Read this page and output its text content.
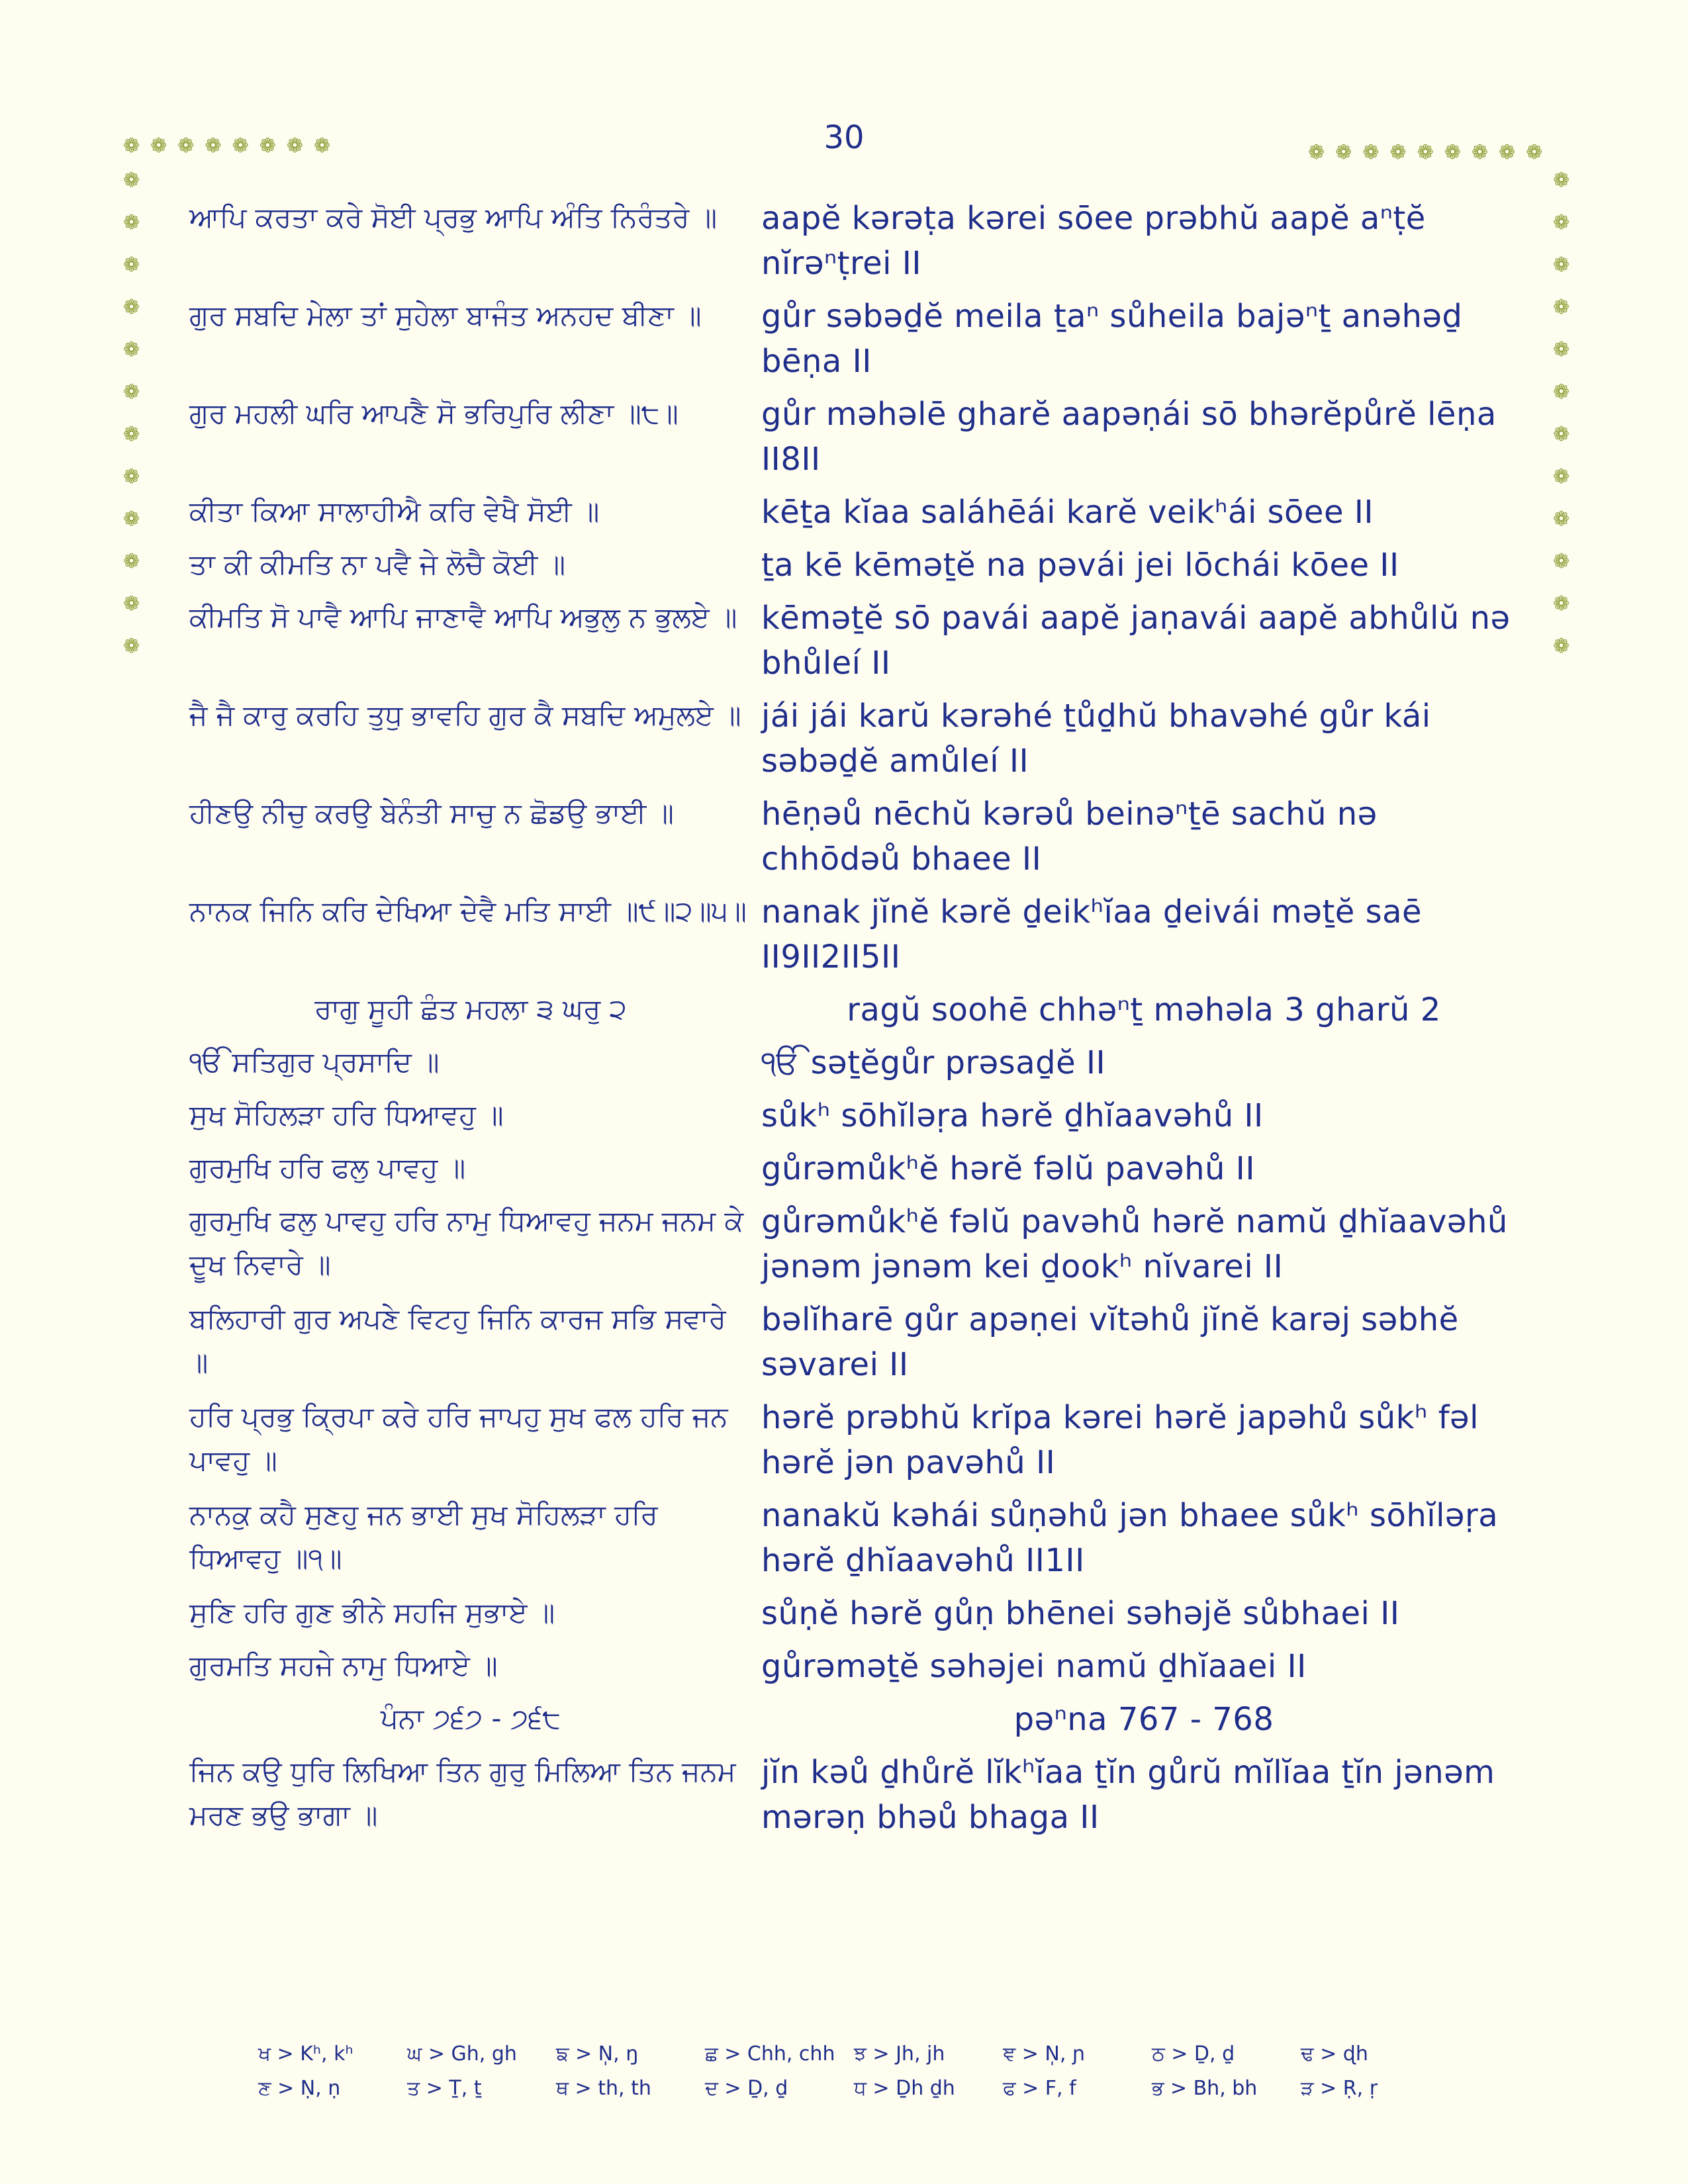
30
❁ ❁ ❁ ❁ ❁ ❁ ❁ ❁	❁ ❁ ❁ ❁ ❁ ❁ ❁ ❁ ❁
❁
❁
❁
❁
❁
❁
❁
❁
❁
❁
❁
❁
❁
❁
❁
❁
❁
❁
❁
❁
❁
❁
❁
❁
ਆਪਿ ਕਰਤਾ ਕਰੇ ਸੋਈ ਪ੍ਰਭੁ ਆਪਿ ਅੰਤਿ ਨਿਰੰਤਰੇ ॥	aapĕ kərəṭa kərei sōee prəbhŭ aapĕ aⁿṭĕ nĭrəⁿṭrei II
ਗੁਰ ਸਬਦਿ ਮੇਲਾ ਤਾਂ ਸੁਹੇਲਾ ਬਾਜੰਤ ਅਨਹਦ ਬੀਣਾ ॥	gůr səbəḏĕ meila ṯaⁿ sůheila bajəⁿṯ anəhəḏ bēṇa II
ਗੁਰ ਮਹਲੀ ਘਰਿ ਆਪਣੈ ਸੋ ਭਰਿਪੁਰਿ ਲੀਣਾ ॥੮॥	gůr məhəlē gharĕ aapəṇái sō bhərĕpůrĕ lēṇa II8II
ਕੀਤਾ ਕਿਆ ਸਾਲਾਹੀਐ ਕਰਿ ਵੇਖੈ ਸੋਈ ॥	kēṯa kĭaa saláhēái karĕ veikʰái sōee II
ਤਾ ਕੀ ਕੀਮਤਿ ਨਾ ਪਵੈ ਜੇ ਲੋਚੈ ਕੋਈ ॥	ṯa kē kēməṯĕ na pəvái jei lōchái kōee II
ਕੀਮਤਿ ਸੋ ਪਾਵੈ ਆਪਿ ਜਾਣਾਵੈ ਆਪਿ ਅਭੁਲੁ ਨ ਭੁਲਏ ॥ kēməṯĕ sō pavái aapĕ jaṇavái aapĕ abhůlŭ nə bhůleí II
ਜੈ ਜੈ ਕਾਰੁ ਕਰਹਿ ਤੁਧੁ ਭਾਵਹਿ ਗੁਰ ਕੈ ਸਬਦਿ ਅਮੁਲਏ ॥ jái jái karŭ kərəhé ṯůḏhŭ bhavəhé gůr kái səbəḏĕ amůleí II
ਹੀਣਉ ਨੀਚੁ ਕਰਉ ਬੇਨੰਤੀ ਸਾਚੁ ਨ ਛੋਡਉ ਭਾਈ ॥	hēṇəů nēchŭ kərəů beinəⁿṯē sachŭ nə chhōdəů bhaee II
ਨਾਨਕ ਜਿਨਿ ਕਰਿ ਦੇਖਿਆ ਦੇਵੈ ਮਤਿ ਸਾਈ ॥੯॥੨॥੫॥ nanak jĭnĕ kərĕ ḏeikʰĭaa ḏeivái məṯĕ saē II9II2II5II
ਰਾਗੁ ਸੂਹੀ ਛੰਤ ਮਹਲਾ ੩ ਘਰੁ ੨	ragŭ soohē chhəⁿṯ məhəla 3 gharŭ 2
ੴ ਸਤਿਗੁਰ ਪ੍ਰਸਾਦਿ ॥	ੴ səṯĕgůr prəsaḏĕ II
ਸੁਖ ਸੋਹਿਲੜਾ ਹਰਿ ਧਿਆਵਹੁ ॥	sůkʰ sōhĭləṛa hərĕ ḏhĭaavəhů II
ਗੁਰਮੁਖਿ ਹਰਿ ਫਲੁ ਪਾਵਹੁ ॥	gůrəmůkʰĕ hərĕ fəlŭ pavəhů II
ਗੁਰਮੁਖਿ ਫਲੁ ਪਾਵਹੁ ਹਰਿ ਨਾਮੁ ਧਿਆਵਹੁ ਜਨਮ ਜਨਮ ਕੇ ਦੂਖ ਨਿਵਾਰੇ ॥
gůrəmůkʰĕ fəlŭ pavəhů hərĕ namŭ ḏhĭaavəhů jənəm jənəm kei ḏookʰ nĭvarei II
ਬਲਿਹਾਰੀ ਗੁਰ ਅਪਣੇ ਵਿਟਹੁ ਜਿਨਿ ਕਾਰਜ ਸਭਿ ਸਵਾਰੇ ॥
bəlĭharē gůr apəṇei vĭtəhů jĭnĕ karəj səbhĕ səvarei II
ਹਰਿ ਪ੍ਰਭੁ ਕ੍ਰਿਪਾ ਕਰੇ ਹਰਿ ਜਾਪਹੁ ਸੁਖ ਫਲ ਹਰਿ ਜਨ ਪਾਵਹੁ ॥
hərĕ prəbhŭ krĭpa kərei hərĕ japəhů sůkʰ fəl hərĕ jən pavəhů II
ਨਾਨਕੁ ਕਹੈ ਸੁਣਹੁ ਜਨ ਭਾਈ ਸੁਖ ਸੋਹਿਲੜਾ ਹਰਿ ਧਿਆਵਹੁ ॥੧॥
nanakŭ kəhái sůṇəhů jən bhaee sůkʰ sōhĭləṛa hərĕ ḏhĭaavəhů II1II
ਸੁਣਿ ਹਰਿ ਗੁਣ ਭੀਨੇ ਸਹਜਿ ਸੁਭਾਏ ॥	sůṇĕ hərĕ gůṇ bhēnei səhəjĕ sůbhaei II
ਗੁਰਮਤਿ ਸਹਜੇ ਨਾਮੁ ਧਿਆਏ ॥	gůrəməṯĕ səhəjei namŭ ḏhĭaaei II
ਪੰਨਾ ੭੬੭ - ੭੬੮	pəⁿna 767 - 768
ਜਿਨ ਕਉ ਧੁਰਿ ਲਿਖਿਆ ਤਿਨ ਗੁਰੁ ਮਿਲਿਆ ਤਿਨ ਜਨਮ ਮਰਣ ਭਉ ਭਾਗਾ ॥
jĭn kəů ḏhůrĕ lĭkʰĭaa ṯĭn gůrŭ mĭlĭaa ṯĭn jənəm mərəṇ bhəů bhaga II
ਖ > Kʰ, kʰ	ਘ > Gh, gh	ਙ > N̩, ŋ	ਛ > Chh, chh ਝ > Jh, jh	ਞ > N̩, ɲ	ਠ > Ḏ, ḏ	ਢ > ɖh
ਣ > Ṇ, ṇ	ਤ > Ṯ, ṯ	ਥ > th, th	ਦ > Ḏ, ḏ	ਧ > Ḏh ḏh	ਫ > F, f	ਭ > Bh, bh	ੜ > Ṛ, ṛ
